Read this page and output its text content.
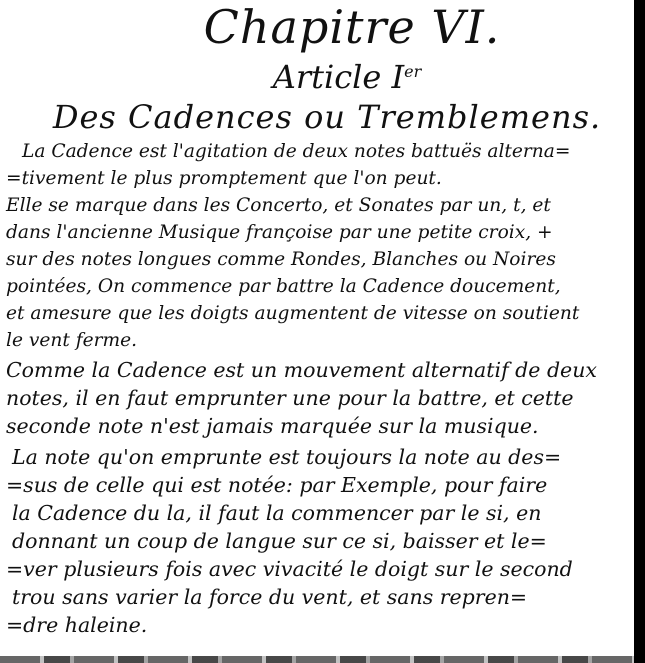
Chapitre VI.
Article Ier
Des Cadences ou Tremblemens.
La Cadence est l'agitation de deux notes battuës alterna=
=tivement le plus promptement que l'on peut.
Elle se marque dans les Concerto, et Sonates par un, t, et
dans l'ancienne Musique françoise par une petite croix, +
sur des notes longues comme Rondes, Blanches ou Noires
pointées, On commence par battre la Cadence doucement,
et amesure que les doigts augmentent de vitesse on soutient
le vent ferme.
Comme la Cadence est un mouvement alternatif de deux
notes, il en faut emprunter une pour la battre, et cette
seconde note n'est jamais marquée sur la musique.
La note qu'on emprunte est toujours la note au des=
=sus de celle qui est notée: par Exemple, pour faire
la Cadence du la, il faut la commencer par le si, en
donnant un coup de langue sur ce si, baisser et le=
=ver plusieurs fois avec vivacité le doigt sur le second
trou sans varier la force du vent, et sans repren=
=dre haleine.
